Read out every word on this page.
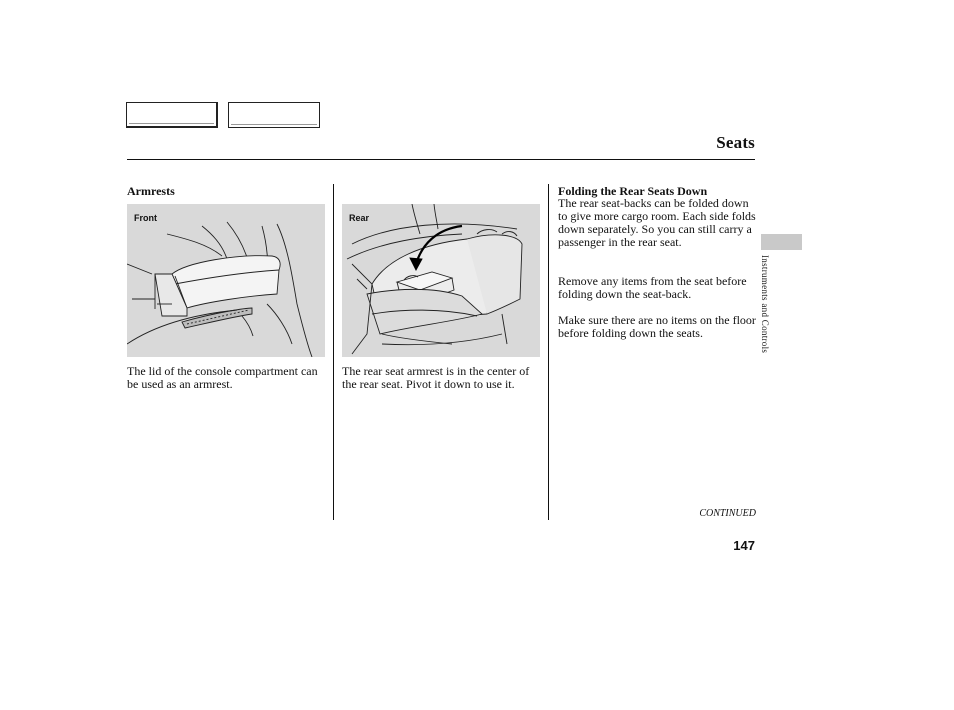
Seats
Armrests
Front

The lid of the console compartment can be used as an armrest.

Rear

The rear seat armrest is in the center of the rear seat. Pivot it down to use it.

Folding the Rear Seats Down

The rear seat-backs can be folded down to give more cargo room. Each side folds down separately. So you can still carry a passenger in the rear seat.

Remove any items from the seat before folding down the seat-back.

Make sure there are no items on the floor before folding down the seats.	Instruments and Controls
CONTINUED
147
